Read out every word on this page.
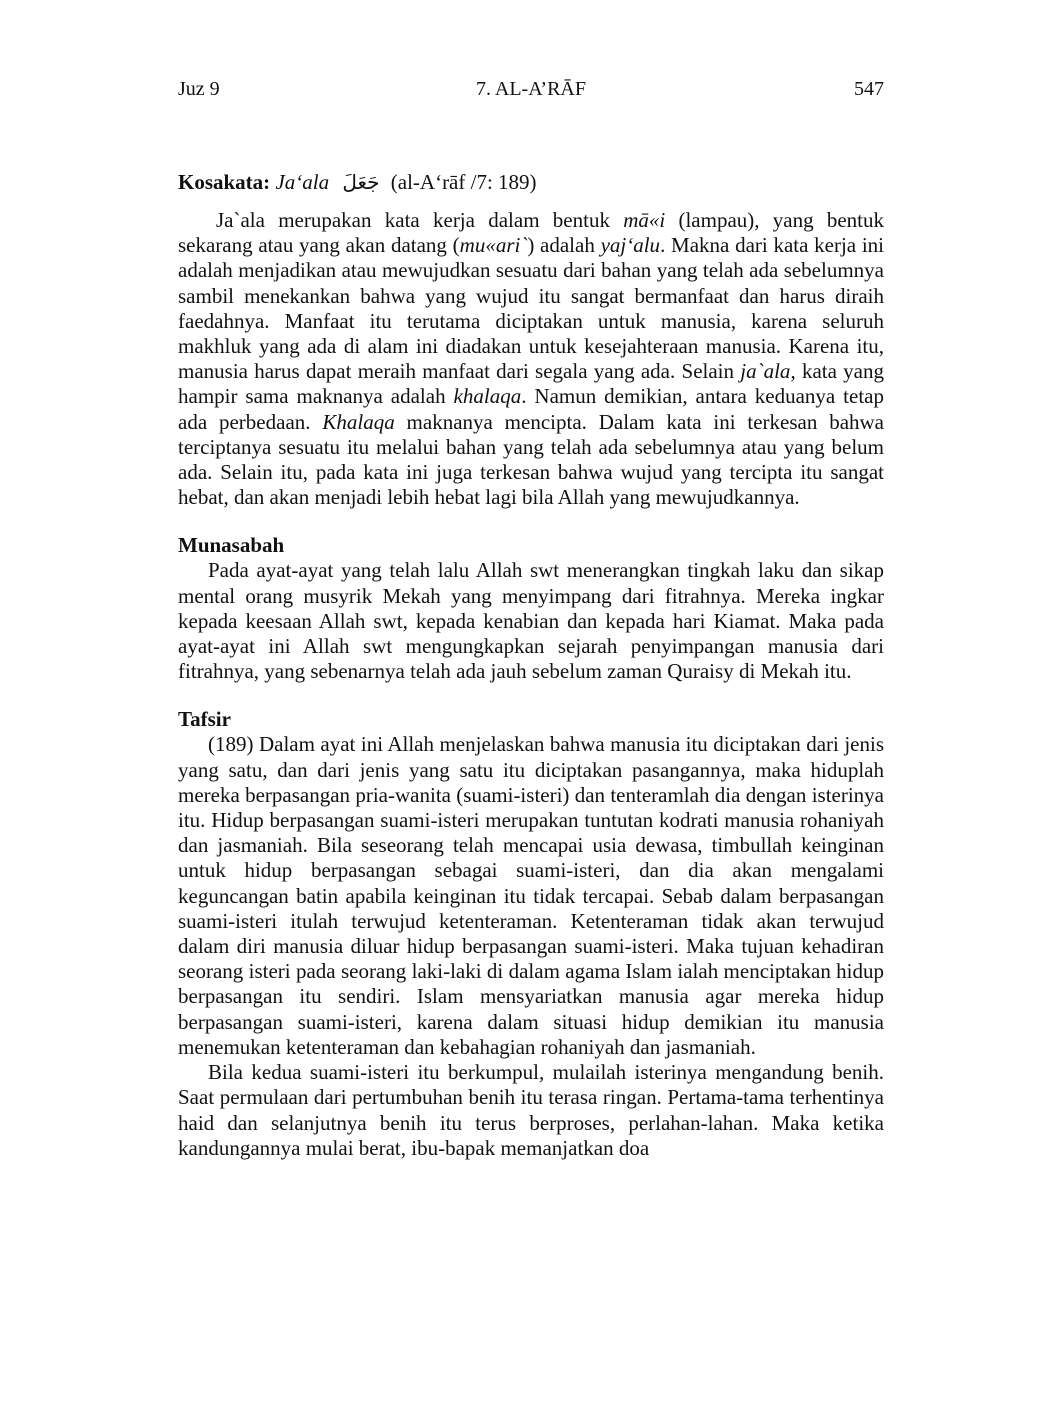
Juz 9	7. AL-A’RĀF	547
Kosakata: Ja‘ala جَعَلَ (al-A‘rāf /7: 189)

Ja`ala merupakan kata kerja dalam bentuk mā«i (lampau), yang bentuk sekarang atau yang akan datang (mu«ari`) adalah yaj‘alu. Makna dari kata kerja ini adalah menjadikan atau mewujudkan sesuatu dari bahan yang telah ada sebelumnya sambil menekankan bahwa yang wujud itu sangat bermanfaat dan harus diraih faedahnya. Manfaat itu terutama diciptakan untuk manusia, karena seluruh makhluk yang ada di alam ini diadakan untuk kesejahteraan manusia. Karena itu, manusia harus dapat meraih manfaat dari segala yang ada. Selain ja`ala, kata yang hampir sama maknanya adalah khalaqa. Namun demikian, antara keduanya tetap ada perbedaan. Khalaqa maknanya mencipta. Dalam kata ini terkesan bahwa terciptanya sesuatu itu melalui bahan yang telah ada sebelumnya atau yang belum ada. Selain itu, pada kata ini juga terkesan bahwa wujud yang tercipta itu sangat hebat, dan akan menjadi lebih hebat lagi bila Allah yang mewujudkannya.

Munasabah

Pada ayat-ayat yang telah lalu Allah swt menerangkan tingkah laku dan sikap mental orang musyrik Mekah yang menyimpang dari fitrahnya. Mereka ingkar kepada keesaan Allah swt, kepada kenabian dan kepada hari Kiamat. Maka pada ayat-ayat ini Allah swt mengungkapkan sejarah penyimpangan manusia dari fitrahnya, yang sebenarnya telah ada jauh sebelum zaman Quraisy di Mekah itu.

Tafsir

(189) Dalam ayat ini Allah menjelaskan bahwa manusia itu diciptakan dari jenis yang satu, dan dari jenis yang satu itu diciptakan pasangannya, maka hiduplah mereka berpasangan pria-wanita (suami-isteri) dan tenteramlah dia dengan isterinya itu. Hidup berpasangan suami-isteri merupakan tuntutan kodrati manusia rohaniyah dan jasmaniah. Bila seseorang telah mencapai usia dewasa, timbullah keinginan untuk hidup berpasangan sebagai suami-isteri, dan dia akan mengalami keguncangan batin apabila keinginan itu tidak tercapai. Sebab dalam berpasangan suami-isteri itulah terwujud ketenteraman. Ketenteraman tidak akan terwujud dalam diri manusia diluar hidup berpasangan suami-isteri. Maka tujuan kehadiran seorang isteri pada seorang laki-laki di dalam agama Islam ialah menciptakan hidup berpasangan itu sendiri. Islam mensyariatkan manusia agar mereka hidup berpasangan suami-isteri, karena dalam situasi hidup demikian itu manusia menemukan ketenteraman dan kebahagian rohaniyah dan jasmaniah.

Bila kedua suami-isteri itu berkumpul, mulailah isterinya mengandung benih. Saat permulaan dari pertumbuhan benih itu terasa ringan. Pertama-tama terhentinya haid dan selanjutnya benih itu terus berproses, perlahan-lahan. Maka ketika kandungannya mulai berat, ibu-bapak memanjatkan doa
